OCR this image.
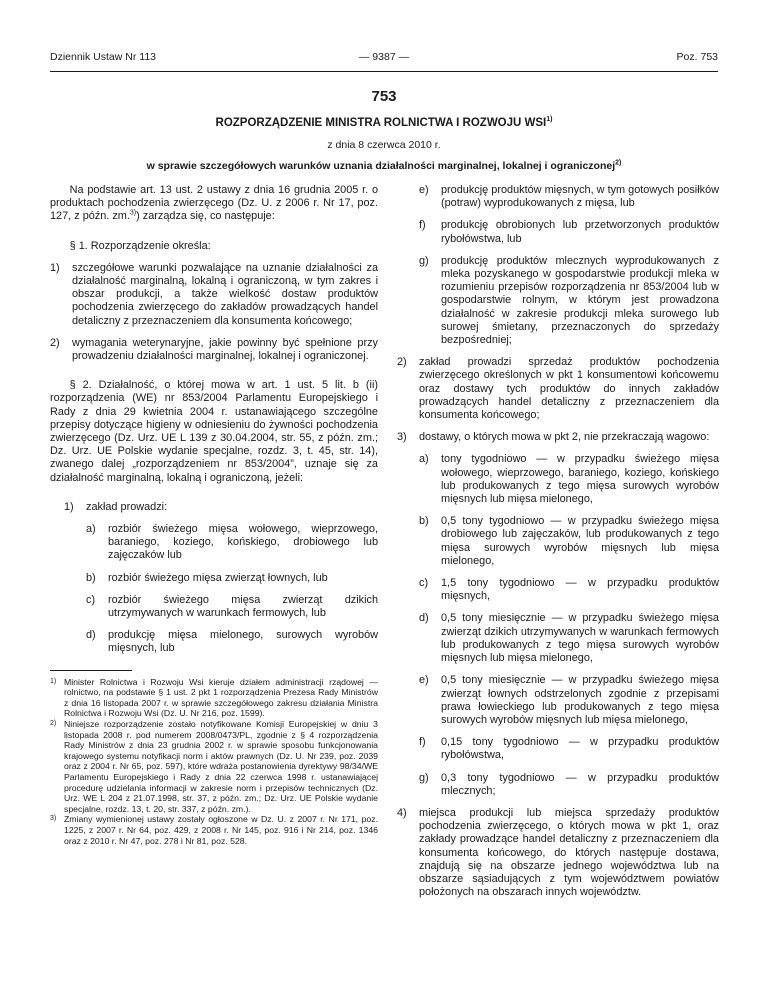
Dziennik Ustaw Nr 113	— 9387 —	Poz. 753
753
ROZPORZĄDZENIE MINISTRA ROLNICTWA I ROZWOJU WSI$^{1)}$
z dnia 8 czerwca 2010 r.
w sprawie szczegółowych warunków uznania działalności marginalnej, lokalnej i ograniczonej$^{2)}$

Na podstawie art. 13 ust. 2 ustawy z dnia 16 grudnia 2005 r. o produktach pochodzenia zwierzęcego (Dz. U. z 2006 r. Nr 17, poz. 127, z późn. zm.$^{3)}$) zarządza się, co następuje:

§ 1. Rozporządzenie określa:

1)	szczegółowe warunki pozwalające na uznanie działalności za działalność marginalną, lokalną i ograniczoną, w tym zakres i obszar produkcji, a także wielkość dostaw produktów pochodzenia zwierzęcego do zakładów prowadzących handel detaliczny z przeznaczeniem dla konsumenta końcowego;
2)	wymagania weterynaryjne, jakie powinny być spełnione przy prowadzeniu działalności marginalnej, lokalnej i ograniczonej.

§ 2. Działalność, o której mowa w art. 1 ust. 5 lit. b (ii) rozporządzenia (WE) nr 853/2004 Parlamentu Europejskiego i Rady z dnia 29 kwietnia 2004 r. ustanawiającego szczególne przepisy dotyczące higieny w odniesieniu do żywności pochodzenia zwierzęcego (Dz. Urz. UE L 139 z 30.04.2004, str. 55, z późn. zm.; Dz. Urz. UE Polskie wydanie specjalne, rozdz. 3, t. 45, str. 14), zwanego dalej „rozporządzeniem nr 853/2004”, uznaje się za działalność marginalną, lokalną i ograniczoną, jeżeli:

1)	zakład prowadzi:
a)	rozbiór świeżego mięsa wołowego, wieprzowego, baraniego, koziego, końskiego, drobiowego lub zajęczaków lub
b)	rozbiór świeżego mięsa zwierząt łownych, lub
c)	rozbiór świeżego mięsa zwierząt dzikich utrzymywanych w warunkach fermowych, lub
d)	produkcję mięsa mielonego, surowych wyrobów mięsnych, lub
1) Minister Rolnictwa i Rozwoju Wsi kieruje działem administracji rządowej — rolnictwo, na podstawie § 1 ust. 2 pkt 1 rozporządzenia Prezesa Rady Ministrów z dnia 16 listopada 2007 r. w sprawie szczegółowego zakresu działania Ministra Rolnictwa i Rozwoju Wsi (Dz. U. Nr 216, poz. 1599).
2) Niniejsze rozporządzenie zostało notyfikowane Komisji Europejskiej w dniu 3 listopada 2008 r. pod numerem 2008/0473/PL, zgodnie z § 4 rozporządzenia Rady Ministrów z dnia 23 grudnia 2002 r. w sprawie sposobu funkcjonowania krajowego systemu notyfikacji norm i aktów prawnych (Dz. U. Nr 239, poz. 2039 oraz z 2004 r. Nr 65, poz. 597), które wdraża postanowienia dyrektywy 98/34/WE Parlamentu Europejskiego i Rady z dnia 22 czerwca 1998 r. ustanawiającej procedurę udzielania informacji w zakresie norm i przepisów technicznych (Dz. Urz. WE L 204 z 21.07.1998, str. 37, z późn. zm.; Dz. Urz. UE Polskie wydanie specjalne, rozdz. 13, t. 20, str. 337, z późn. zm.).
3) Zmiany wymienionej ustawy zostały ogłoszone w Dz. U. z 2007 r. Nr 171, poz. 1225, z 2007 r. Nr 64, poz. 429, z 2008 r. Nr 145, poz. 916 i Nr 214, poz. 1346 oraz z 2010 r. Nr 47, poz. 278 i Nr 81, poz. 528.
e)	produkcję produktów mięsnych, w tym gotowych posiłków (potraw) wyprodukowanych z mięsa, lub
f)	produkcję obrobionych lub przetworzonych produktów rybołówstwa, lub
g)	produkcję produktów mlecznych wyprodukowanych z mleka pozyskanego w gospodarstwie produkcji mleka w rozumieniu przepisów rozporządzenia nr 853/2004 lub w gospodarstwie rolnym, w którym jest prowadzona działalność w zakresie produkcji mleka surowego lub surowej śmietany, przeznaczonych do sprzedaży bezpośredniej;
2)	zakład prowadzi sprzedaż produktów pochodzenia zwierzęcego określonych w pkt 1 konsumentowi końcowemu oraz dostawy tych produktów do innych zakładów prowadzących handel detaliczny z przeznaczeniem dla konsumenta końcowego;
3)	dostawy, o których mowa w pkt 2, nie przekraczają wagowo:
a)	tony tygodniowo — w przypadku świeżego mięsa wołowego, wieprzowego, baraniego, koziego, końskiego lub produkowanych z tego mięsa surowych wyrobów mięsnych lub mięsa mielonego,
b)	0,5 tony tygodniowo — w przypadku świeżego mięsa drobiowego lub zajęczaków, lub produkowanych z tego mięsa surowych wyrobów mięsnych lub mięsa mielonego,
c)	1,5 tony tygodniowo — w przypadku produktów mięsnych,
d)	0,5 tony miesięcznie — w przypadku świeżego mięsa zwierząt dzikich utrzymywanych w warunkach fermowych lub produkowanych z tego mięsa surowych wyrobów mięsnych lub mięsa mielonego,
e)	0,5 tony miesięcznie — w przypadku świeżego mięsa zwierząt łownych odstrzelonych zgodnie z przepisami prawa łowieckiego lub produkowanych z tego mięsa surowych wyrobów mięsnych lub mięsa mielonego,
f)	0,15 tony tygodniowo — w przypadku produktów rybołówstwa,
g)	0,3 tony tygodniowo — w przypadku produktów mlecznych;
4)	miejsca produkcji lub miejsca sprzedaży produktów pochodzenia zwierzęcego, o których mowa w pkt 1, oraz zakłady prowadzące handel detaliczny z przeznaczeniem dla konsumenta końcowego, do których następuje dostawa, znajdują się na obszarze jednego województwa lub na obszarze sąsiadujących z tym województwem powiatów położonych na obszarach innych województw.
